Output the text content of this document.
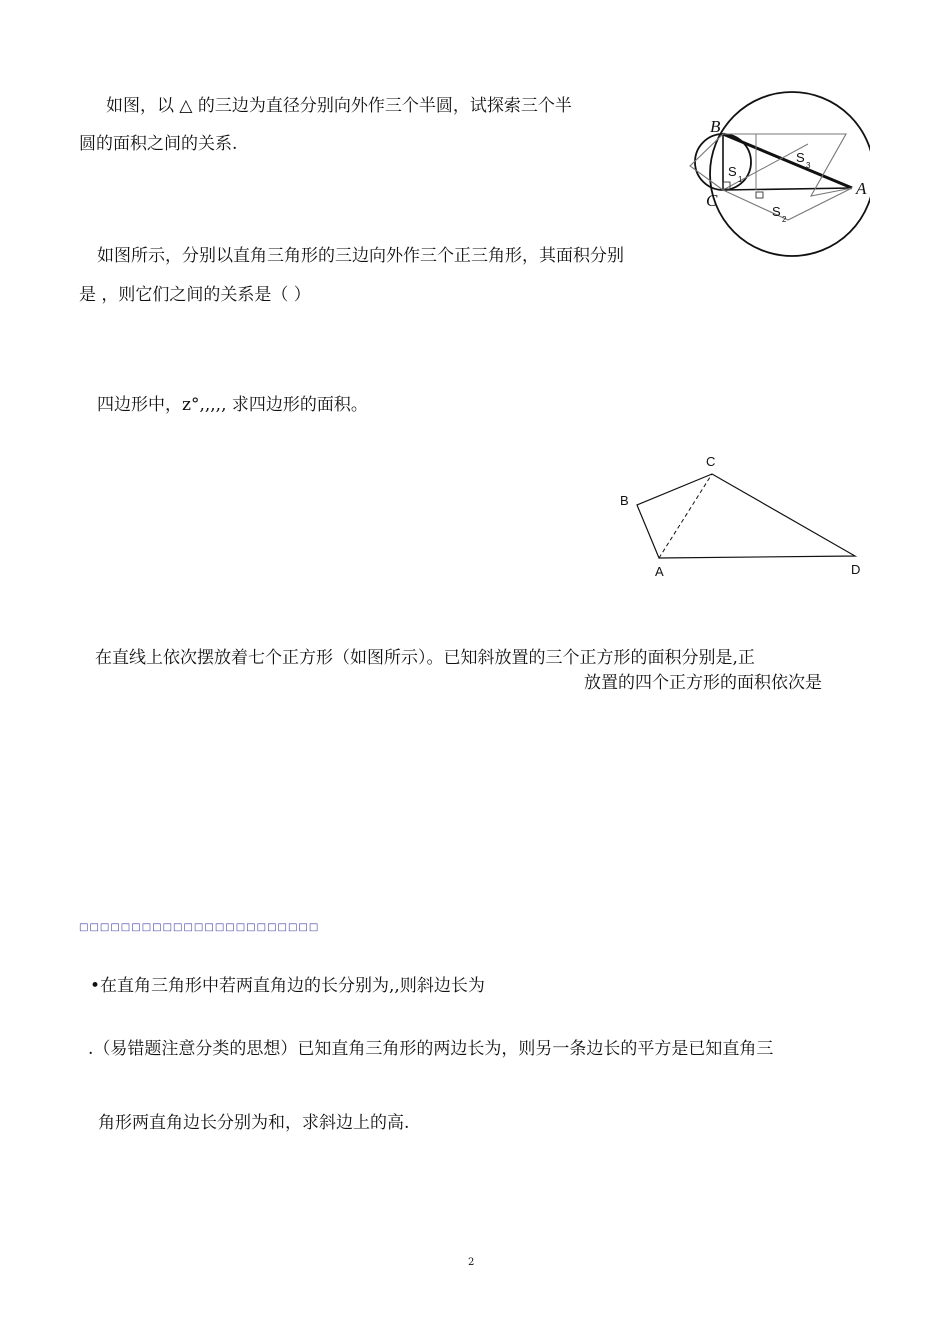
如图，以 △ 的三边为直径分别向外作三个半圆，试探索三个半
圆的面积之间的关系.
B
C
A
S
1
S
2
S
3
如图所示，分别以直角三角形的三边向外作三个正三角形，其面积分别
是 ，则它们之间的关系是（ ）
四边形中，z°,,,,, 求四边形的面积。
A
B
C
D
在直线上依次摆放着七个正方形（如图所示）。已知斜放置的三个正方形的面积分别是,正
放置的四个正方形的面积依次是
□□□□□□□□□□□□□□□□□□□□□□□
•在直角三角形中若两直角边的长分别为,,则斜边长为
.（易错题注意分类的思想）已知直角三角形的两边长为，则另一条边长的平方是已知直角三
角形两直角边长分别为和，求斜边上的高.
2
